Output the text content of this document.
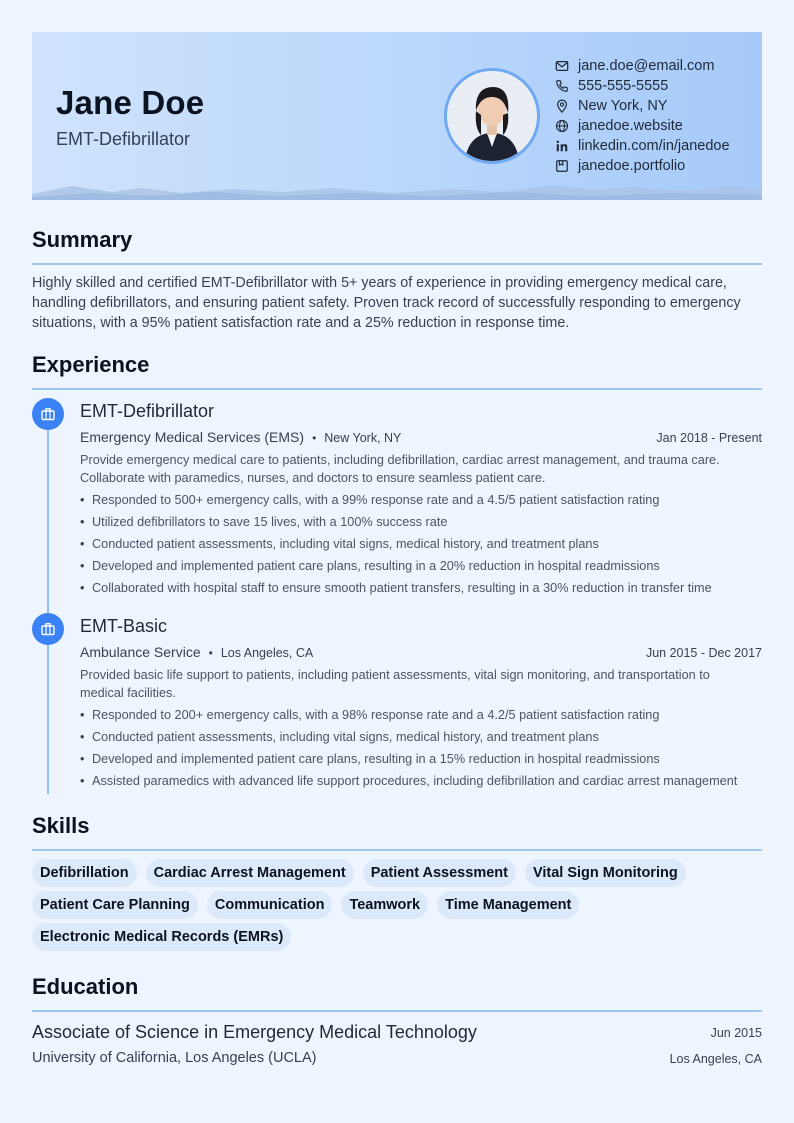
Jane Doe
EMT-Defibrillator
jane.doe@email.com
555-555-5555
New York, NY
janedoe.website
linkedin.com/in/janedoe
janedoe.portfolio
Summary
Highly skilled and certified EMT-Defibrillator with 5+ years of experience in providing emergency medical care, handling defibrillators, and ensuring patient safety. Proven track record of successfully responding to emergency situations, with a 95% patient satisfaction rate and a 25% reduction in response time.
Experience
EMT-Defibrillator
Emergency Medical Services (EMS) • New York, NY	Jan 2018 - Present
Provide emergency medical care to patients, including defibrillation, cardiac arrest management, and trauma care. Collaborate with paramedics, nurses, and doctors to ensure seamless patient care.
• Responded to 500+ emergency calls, with a 99% response rate and a 4.5/5 patient satisfaction rating
• Utilized defibrillators to save 15 lives, with a 100% success rate
• Conducted patient assessments, including vital signs, medical history, and treatment plans
• Developed and implemented patient care plans, resulting in a 20% reduction in hospital readmissions
• Collaborated with hospital staff to ensure smooth patient transfers, resulting in a 30% reduction in transfer time
EMT-Basic
Ambulance Service • Los Angeles, CA	Jun 2015 - Dec 2017
Provided basic life support to patients, including patient assessments, vital sign monitoring, and transportation to medical facilities.
• Responded to 200+ emergency calls, with a 98% response rate and a 4.2/5 patient satisfaction rating
• Conducted patient assessments, including vital signs, medical history, and treatment plans
• Developed and implemented patient care plans, resulting in a 15% reduction in hospital readmissions
• Assisted paramedics with advanced life support procedures, including defibrillation and cardiac arrest management
Skills
Defibrillation	Cardiac Arrest Management	Patient Assessment	Vital Sign Monitoring
Patient Care Planning	Communication	Teamwork	Time Management
Electronic Medical Records (EMRs)
Education
Associate of Science in Emergency Medical Technology	Jun 2015
University of California, Los Angeles (UCLA)	Los Angeles, CA
